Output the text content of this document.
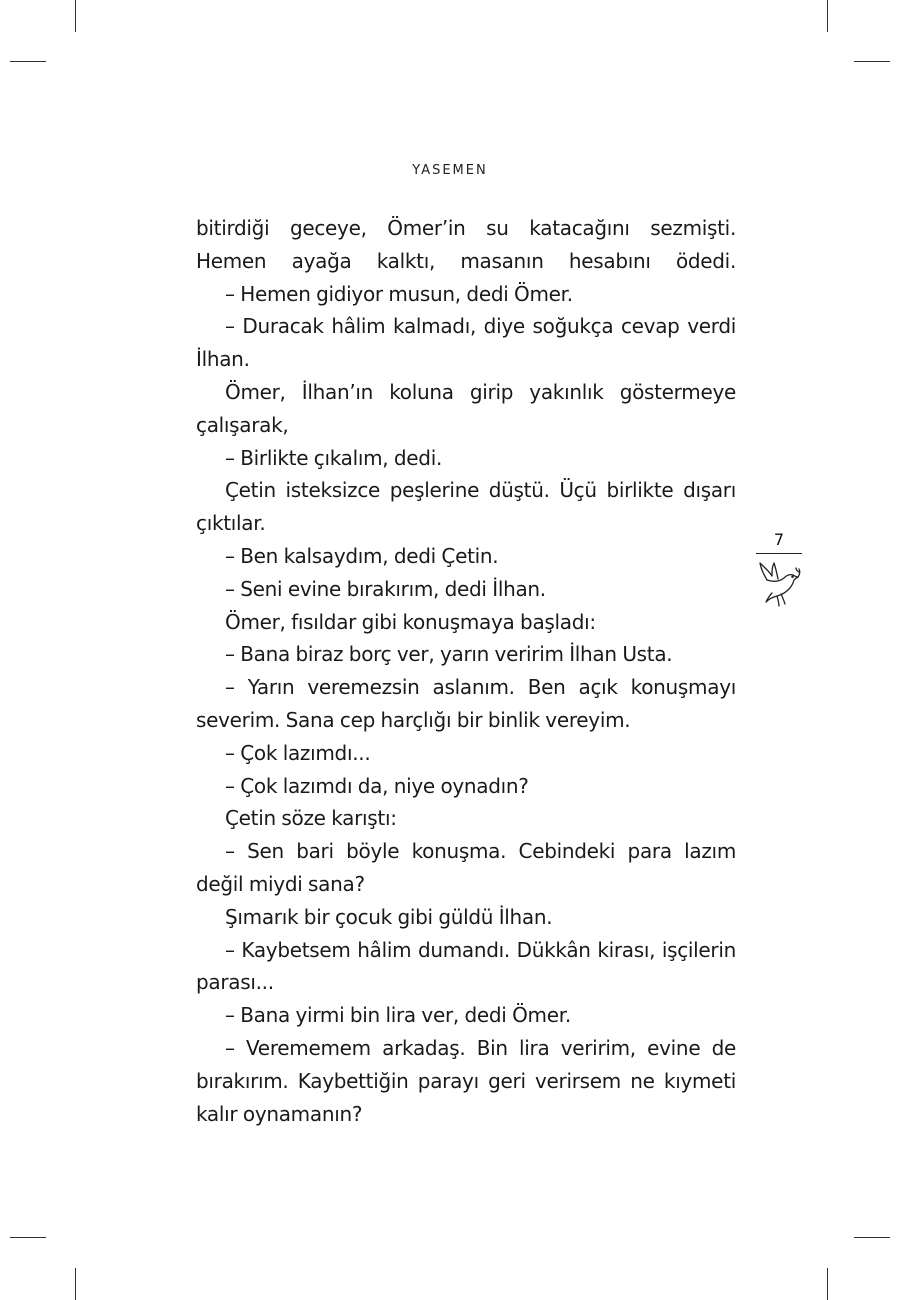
YASEMEN

bitirdiği geceye, Ömer’in su katacağını sezmişti. Hemen ayağa kalktı, masanın hesabını ödedi.

– Hemen gidiyor musun, dedi Ömer.

– Duracak hâlim kalmadı, diye soğukça cevap verdi İlhan.

Ömer, İlhan’ın koluna girip yakınlık göstermeye çalışarak,

– Birlikte çıkalım, dedi.

Çetin isteksizce peşlerine düştü. Üçü birlikte dışarı çıktılar.

– Ben kalsaydım, dedi Çetin.

– Seni evine bırakırım, dedi İlhan.

Ömer, fısıldar gibi konuşmaya başladı:

– Bana biraz borç ver, yarın veririm İlhan Usta.

– Yarın veremezsin aslanım. Ben açık konuşmayı severim. Sana cep harçlığı bir binlik vereyim.

– Çok lazımdı...

– Çok lazımdı da, niye oynadın?

Çetin söze karıştı:

– Sen bari böyle konuşma. Cebindeki para lazım değil miydi sana?

Şımarık bir çocuk gibi güldü İlhan.

– Kaybetsem hâlim dumandı. Dükkân kirası, işçilerin parası...

– Bana yirmi bin lira ver, dedi Ömer.

– Verememem arkadaş. Bin lira veririm, evine de bırakırım. Kaybettiğin parayı geri verirsem ne kıymeti kalır oynamanın?

7
